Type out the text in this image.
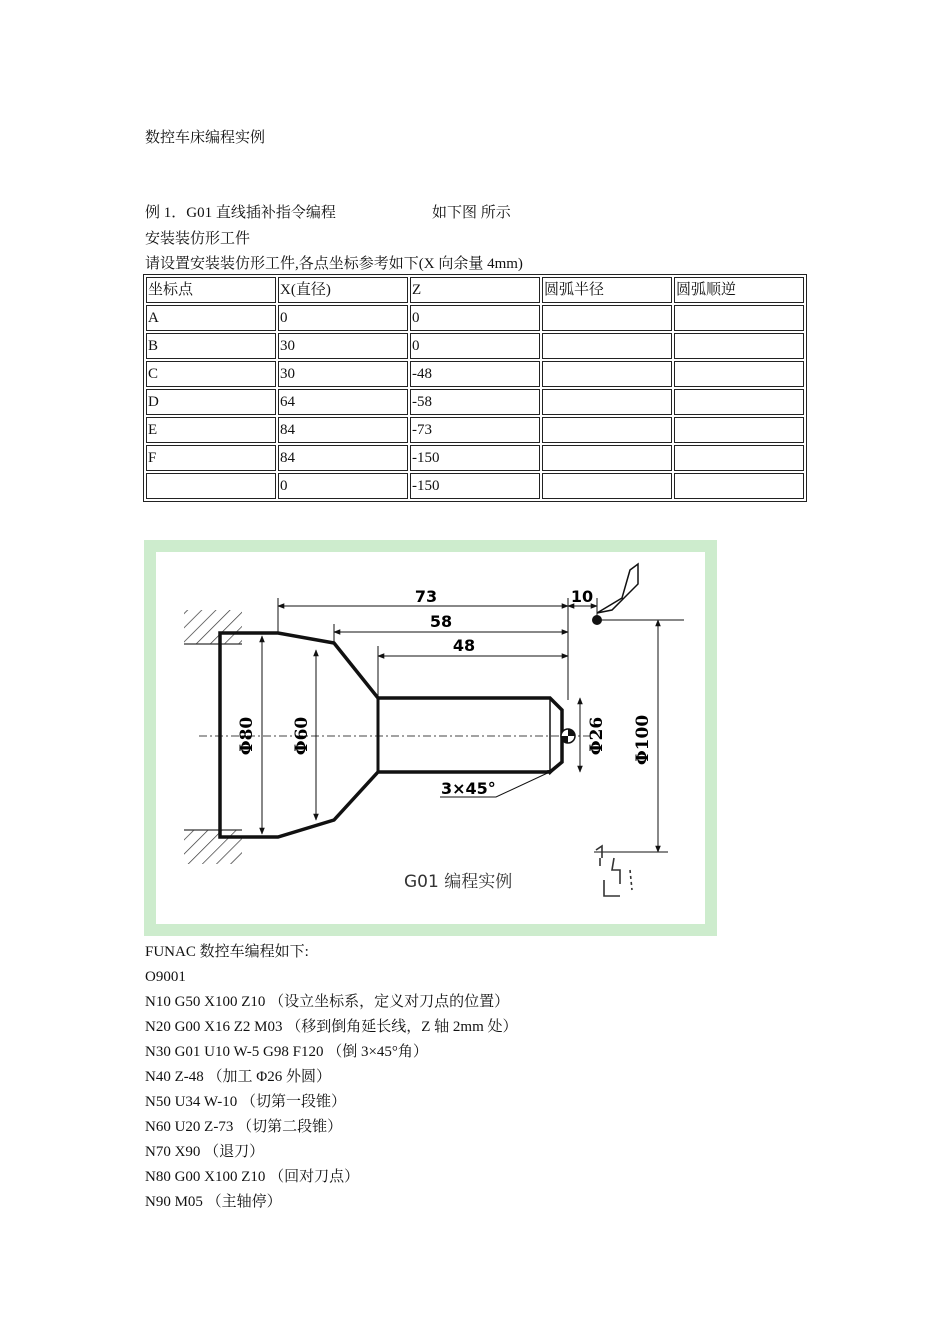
数控车床编程实例
例 1．G01 直线插补指令编程	如下图 所示
安装装仿形工件
请设置安装装仿形工件,各点坐标参考如下(X 向余量 4mm)
坐标点	X(直径)	Z	圆弧半径	圆弧顺逆
A	0	0		
B	30	0		
C	30	-48		
D	64	-58		
E	84	-73		
F	84	-150		
	0	-150		
Φ80 Φ60	Φ26 Φ100
73
58
48
10
3×45°
G01 编程实例
FUNAC 数控车编程如下:
O9001
N10 G50 X100 Z10 （设立坐标系，定义对刀点的位置）
N20 G00 X16 Z2 M03 （移到倒角延长线，Z 轴 2mm 处）
N30 G01 U10 W-5 G98 F120 （倒 3×45°角）
N40 Z-48 （加工 Φ26 外圆）
N50 U34 W-10 （切第一段锥）
N60 U20 Z-73 （切第二段锥）
N70 X90 （退刀）
N80 G00 X100 Z10 （回对刀点）
N90 M05 （主轴停）
